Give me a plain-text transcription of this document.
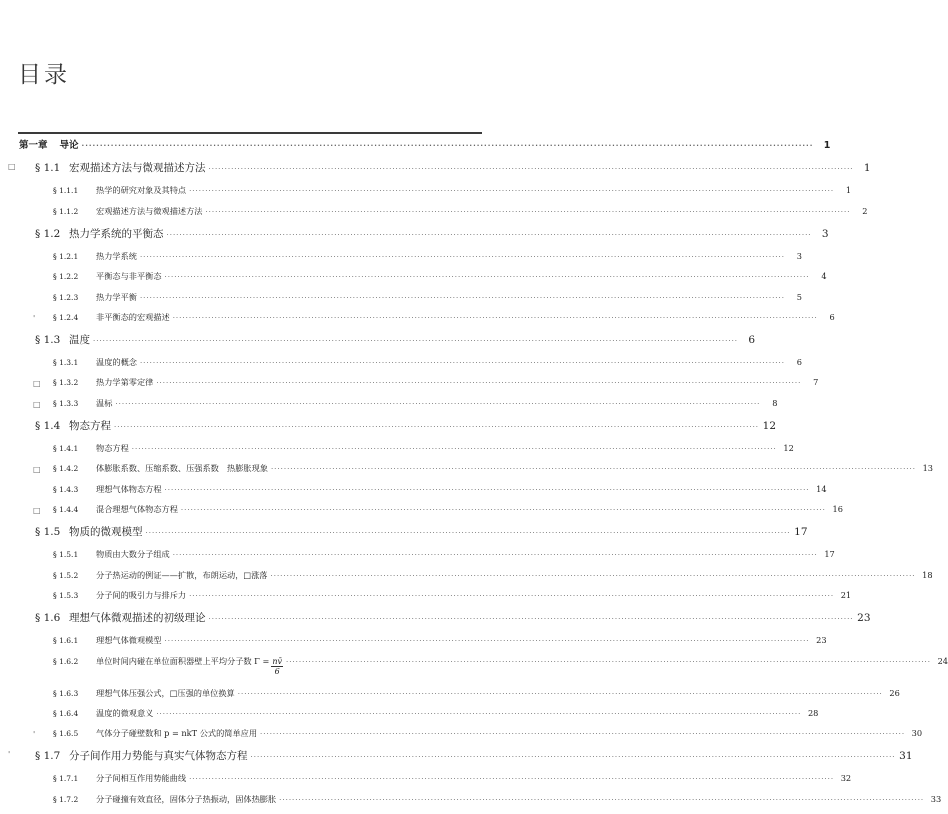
目录
第一章 导论 ········································································································································································································	1
□ § 1.1 宏观描述方法与微观描述方法 ········································································································································································································ 1
§ 1.1.1	热学的研究对象及其特点 ········································································································································································································	1
§ 1.1.2	宏观描述方法与微观描述方法 ········································································································································································································	2
§ 1.2 热力学系统的平衡态 ········································································································································································································ 3
§ 1.2.1	热力学系统 ········································································································································································································	3
§ 1.2.2	平衡态与非平衡态 ········································································································································································································	4
§ 1.2.3	热力学平衡 ········································································································································································································	5
' § 1.2.4	非平衡态的宏观描述 ········································································································································································································	6
§ 1.3 温度 ········································································································································································································ 6
§ 1.3.1	温度的概念 ········································································································································································································	6
□ § 1.3.2	热力学第零定律 ········································································································································································································	7
□ § 1.3.3	温标 ········································································································································································································	8
§ 1.4 物态方程 ········································································································································································································ 12
§ 1.4.1	物态方程 ········································································································································································································ 12
□ § 1.4.2	体膨胀系数、压缩系数、压强系数　热膨胀现象 ········································································································································································································ 13
§ 1.4.3	理想气体物态方程 ········································································································································································································ 14
□ § 1.4.4	混合理想气体物态方程 ········································································································································································································ 16
§ 1.5 物质的微观模型 ········································································································································································································ 17
§ 1.5.1	物质由大数分子组成 ········································································································································································································ 17
§ 1.5.2	分子热运动的例证——扩散，布朗运动，□涨落 ········································································································································································································ 18
§ 1.5.3	分子间的吸引力与排斥力 ········································································································································································································ 21
§ 1.6 理想气体微观描述的初级理论 ········································································································································································································ 23
§ 1.6.1	理想气体微观模型 ········································································································································································································ 23
§ 1.6.2	单位时间内碰在单位面积器壁上平均分子数 $\Gamma = \frac{nv̄}{6}$ ········································································································································································································ 24
§ 1.6.3	理想气体压强公式，□压强的单位换算 ········································································································································································································ 26
§ 1.6.4	温度的微观意义 ········································································································································································································ 28
' § 1.6.5	气体分子碰壁数和 p = nkT 公式的简单应用 ········································································································································································································ 30
' § 1.7 分子间作用力势能与真实气体物态方程 ········································································································································································································ 31
§ 1.7.1	分子间相互作用势能曲线 ········································································································································································································ 32
§ 1.7.2	分子碰撞有效直径，固体分子热振动，固体热膨胀 ········································································································································································································ 33
